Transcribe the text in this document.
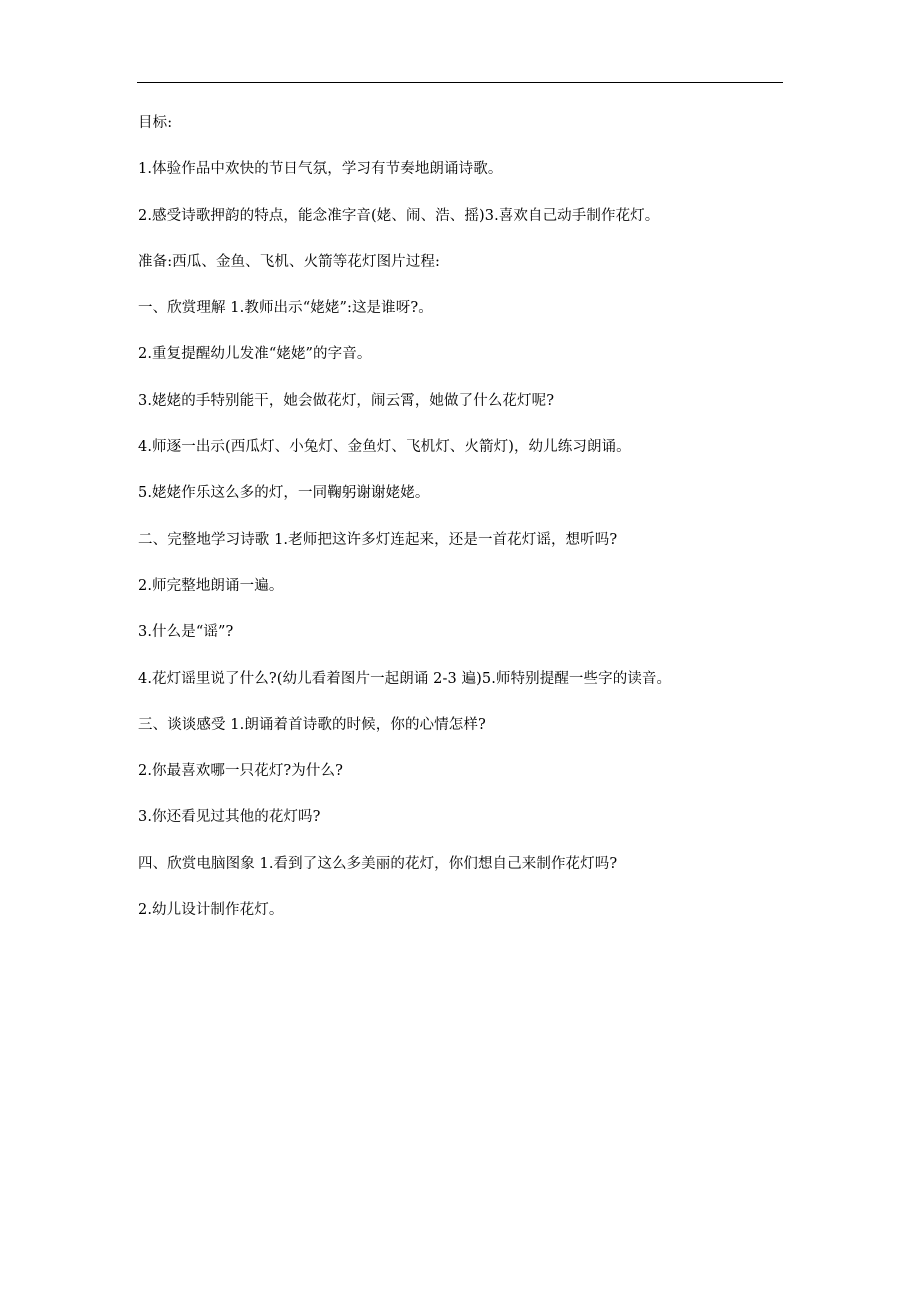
目标:

1.体验作品中欢快的节日气氛，学习有节奏地朗诵诗歌。

2.感受诗歌押韵的特点，能念准字音(姥、闹、浩、摇)3.喜欢自己动手制作花灯。

准备:西瓜、金鱼、飞机、火箭等花灯图片过程:

一、欣赏理解 1.教师出示“姥姥”:这是谁呀?。

2.重复提醒幼儿发准“姥姥”的字音。

3.姥姥的手特别能干，她会做花灯，闹云霄，她做了什么花灯呢?

4.师逐一出示(西瓜灯、小兔灯、金鱼灯、飞机灯、火箭灯)，幼儿练习朗诵。

5.姥姥作乐这么多的灯，一同鞠躬谢谢姥姥。

二、完整地学习诗歌 1.老师把这许多灯连起来，还是一首花灯谣，想听吗?

2.师完整地朗诵一遍。

3.什么是“谣”?

4.花灯谣里说了什么?(幼儿看着图片一起朗诵 2-3 遍)5.师特别提醒一些字的读音。

三、谈谈感受 1.朗诵着首诗歌的时候，你的心情怎样?

2.你最喜欢哪一只花灯?为什么?

3.你还看见过其他的花灯吗?

四、欣赏电脑图象 1.看到了这么多美丽的花灯，你们想自己来制作花灯吗?

2.幼儿设计制作花灯。
